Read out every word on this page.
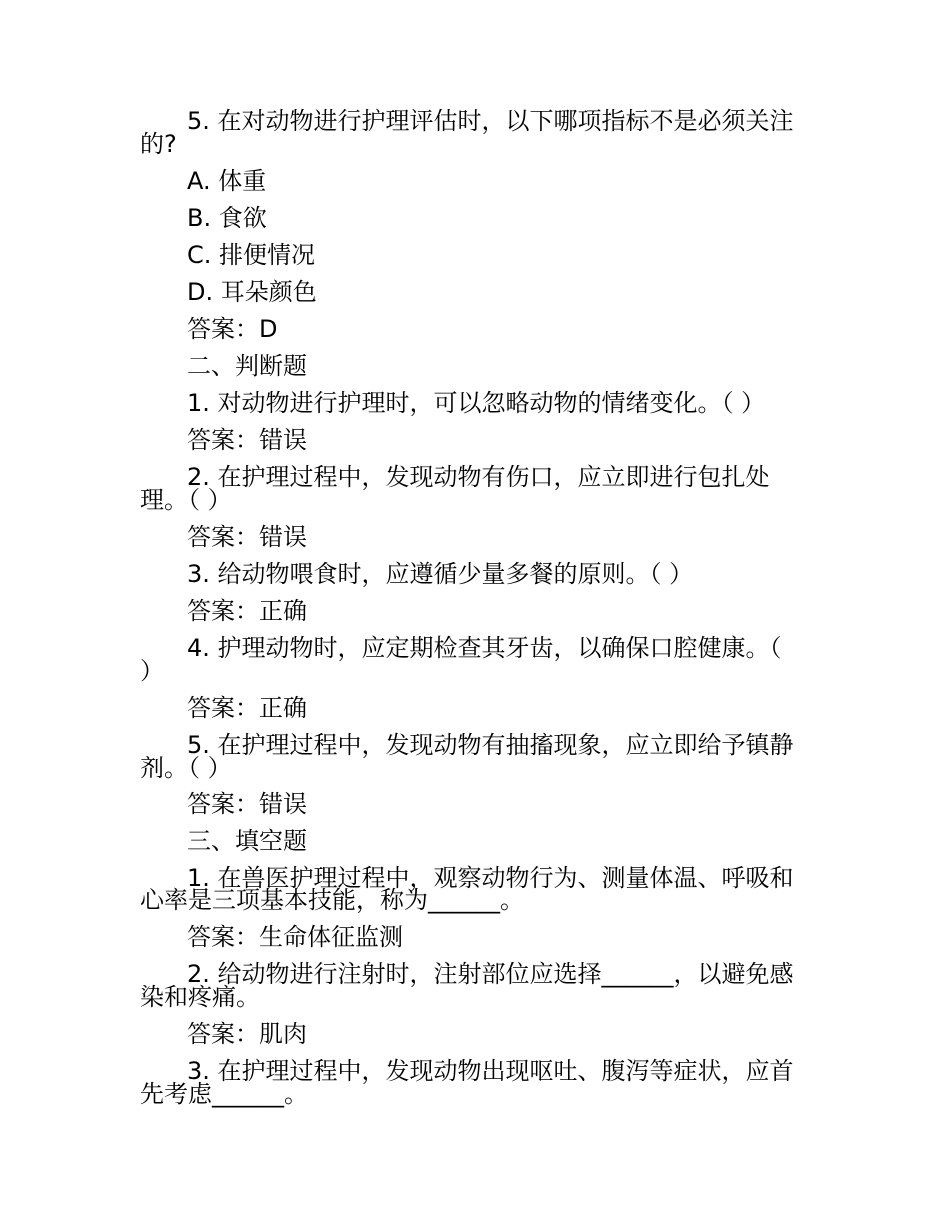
5. 在对动物进行护理评估时，以下哪项指标不是必须关注
的?
A. 体重
B. 食欲
C. 排便情况
D. 耳朵颜色
答案：D
二、判断题
1. 对动物进行护理时，可以忽略动物的情绪变化。（ ）
答案：错误
2. 在护理过程中，发现动物有伤口，应立即进行包扎处
理。（ ）
答案：错误
3. 给动物喂食时，应遵循少量多餐的原则。（ ）
答案：正确
4. 护理动物时，应定期检查其牙齿，以确保口腔健康。（
）
答案：正确
5. 在护理过程中，发现动物有抽搐现象，应立即给予镇静
剂。（ ）
答案：错误
三、填空题
1. 在兽医护理过程中，观察动物行为、测量体温、呼吸和
心率是三项基本技能，称为______。
答案：生命体征监测
2. 给动物进行注射时，注射部位应选择______，以避免感
染和疼痛。
答案：肌肉
3. 在护理过程中，发现动物出现呕吐、腹泻等症状，应首
先考虑______。
